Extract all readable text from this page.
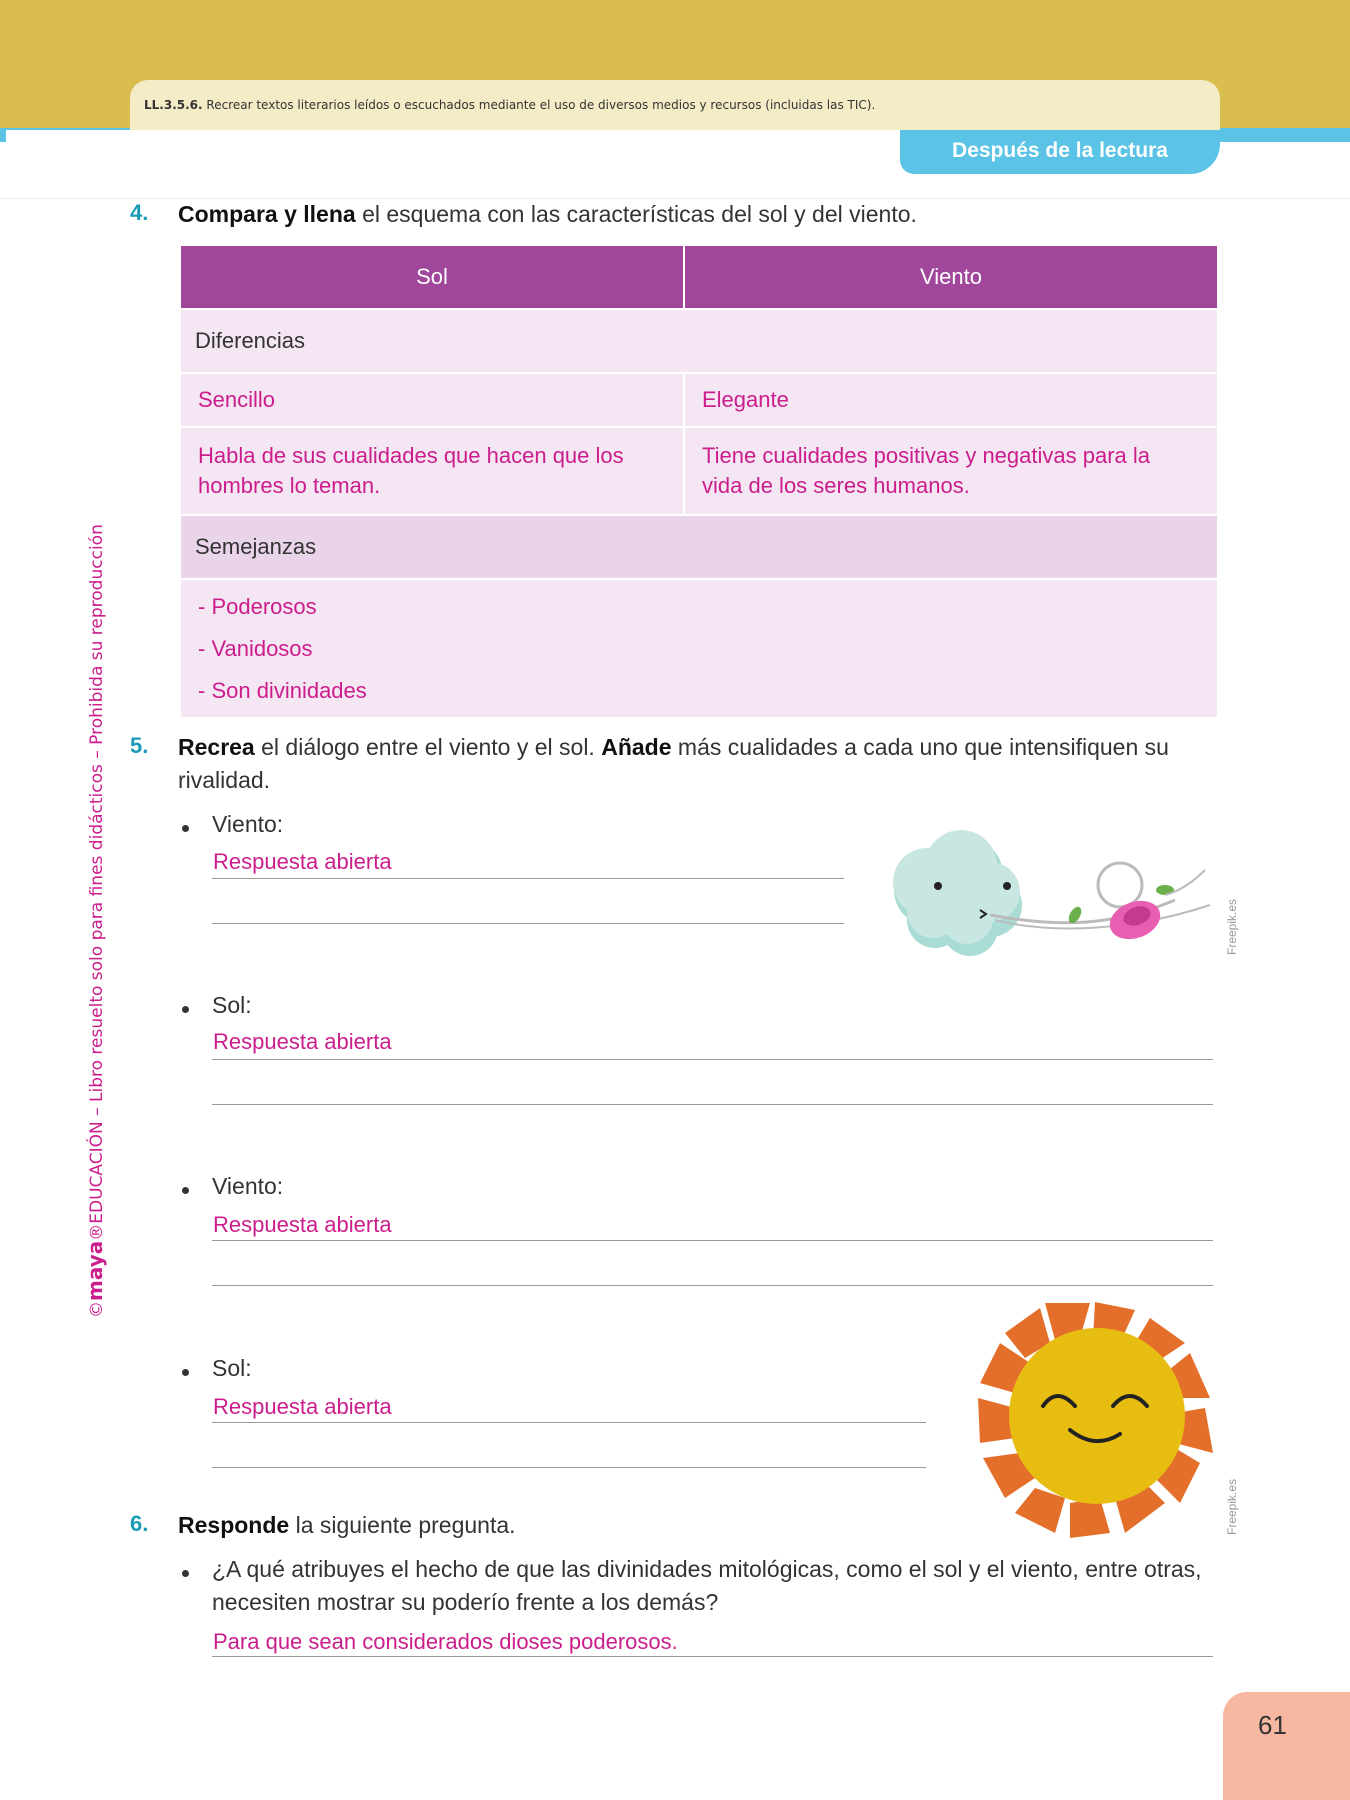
LL.3.5.6. Recrear textos literarios leídos o escuchados mediante el uso de diversos medios y recursos (incluidas las TIC).
Después de la lectura
©maya®EDUCACIÓN – Libro resuelto solo para fines didácticos – Prohibida su reproducción
4. Compara y llena el esquema con las características del sol y del viento.
Sol	Viento
Diferencias	
Sencillo	Elegante
Habla de sus cualidades que hacen que los hombres lo teman.	Tiene cualidades positivas y negativas para la vida de los seres humanos.
Semejanzas	

- Poderosos
- Vanidosos
- Son divinidades	
5. Recrea el diálogo entre el viento y el sol. Añade más cualidades a cada uno que intensifiquen su rivalidad.
Viento:
Respuesta abierta
Freepik.es
Sol:
Respuesta abierta
Viento:
Respuesta abierta
Sol:
Respuesta abierta
Freepik.es
6. Responde la siguiente pregunta.
¿A qué atribuyes el hecho de que las divinidades mitológicas, como el sol y el viento, entre otras, necesiten mostrar su poderío frente a los demás?
Para que sean considerados dioses poderosos.
61
